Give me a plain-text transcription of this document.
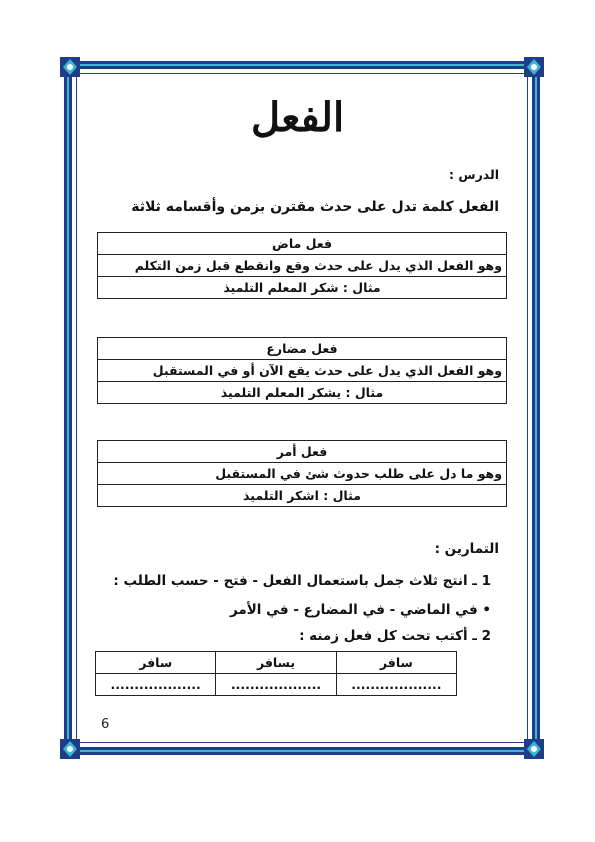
الفعل
الدرس :
الفعل كلمة تدل على حدث مقترن بزمن وأقسامه ثلاثة
فعل ماض
وهو الفعل الذي يدل على حدث وقع وانقطع قبل زمن التكلم
مثال : شكر المعلم التلميذ
فعل مضارع
وهو الفعل الذي يدل على حدث يقع الآن أو في المستقبل
مثال : يشكر المعلم التلميذ
فعل أمر
وهو ما دل على طلب حدوث شئ في المستقبل
مثال : اشكر التلميذ
التمارين :
1 ـ انتج ثلاث جمل باستعمال الفعل - فتح - حسب الطلب :
• في الماضي - في المضارع - في الأمر
2 ـ أكتب تحت كل فعل زمنه :
سافر	يسافر	سافر
...................	...................	...................
6
